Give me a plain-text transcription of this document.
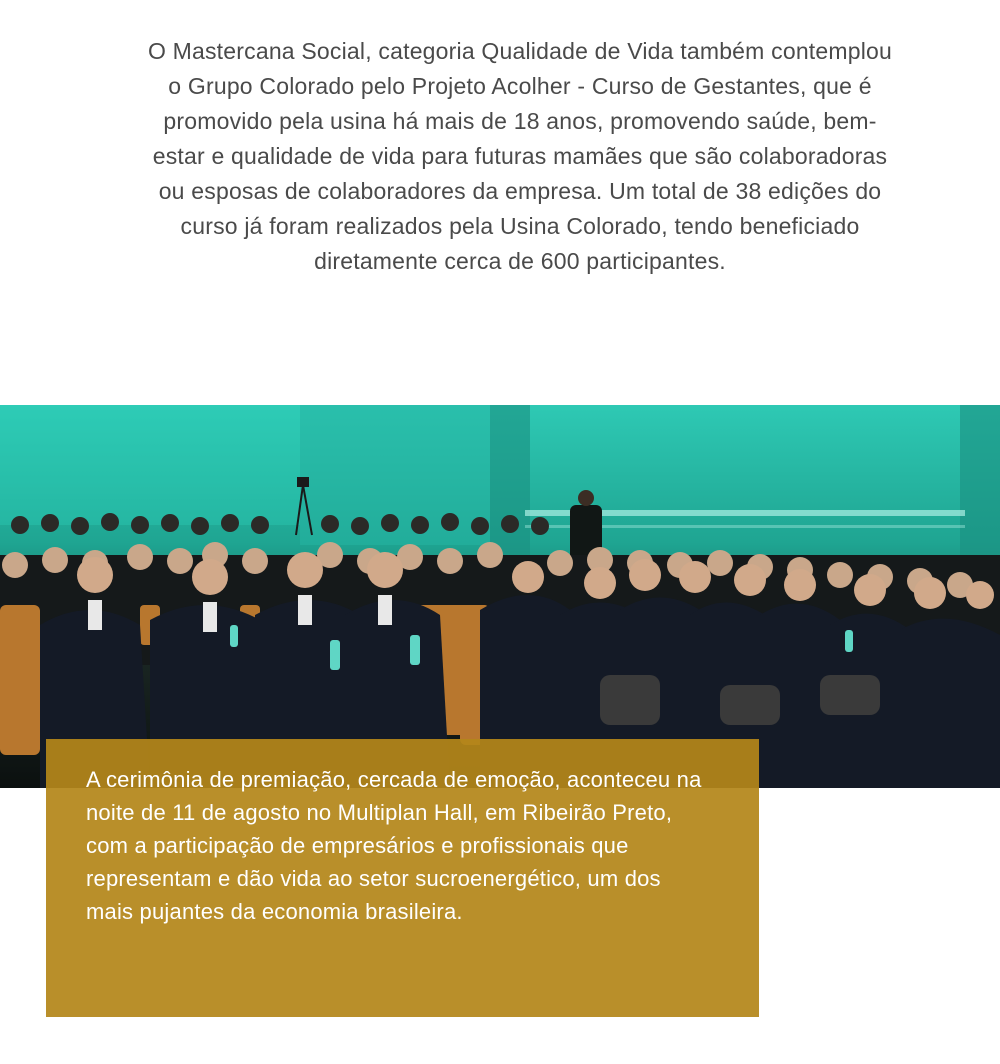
O Mastercana Social, categoria Qualidade de Vida também contemplou o Grupo Colorado pelo Projeto Acolher - Curso de Gestantes, que é promovido pela usina há mais de 18 anos, promovendo saúde, bem-estar e qualidade de vida para futuras mamães que são colaboradoras ou esposas de colaboradores da empresa. Um total de 38 edições do curso já foram realizados pela Usina Colorado, tendo beneficiado diretamente cerca de 600 participantes.

A cerimônia de premiação, cercada de emoção, aconteceu na noite de 11 de agosto no Multiplan Hall, em Ribeirão Preto, com a participação de empresários e profissionais que representam e dão vida ao setor sucroenergético, um dos mais pujantes da economia brasileira.
